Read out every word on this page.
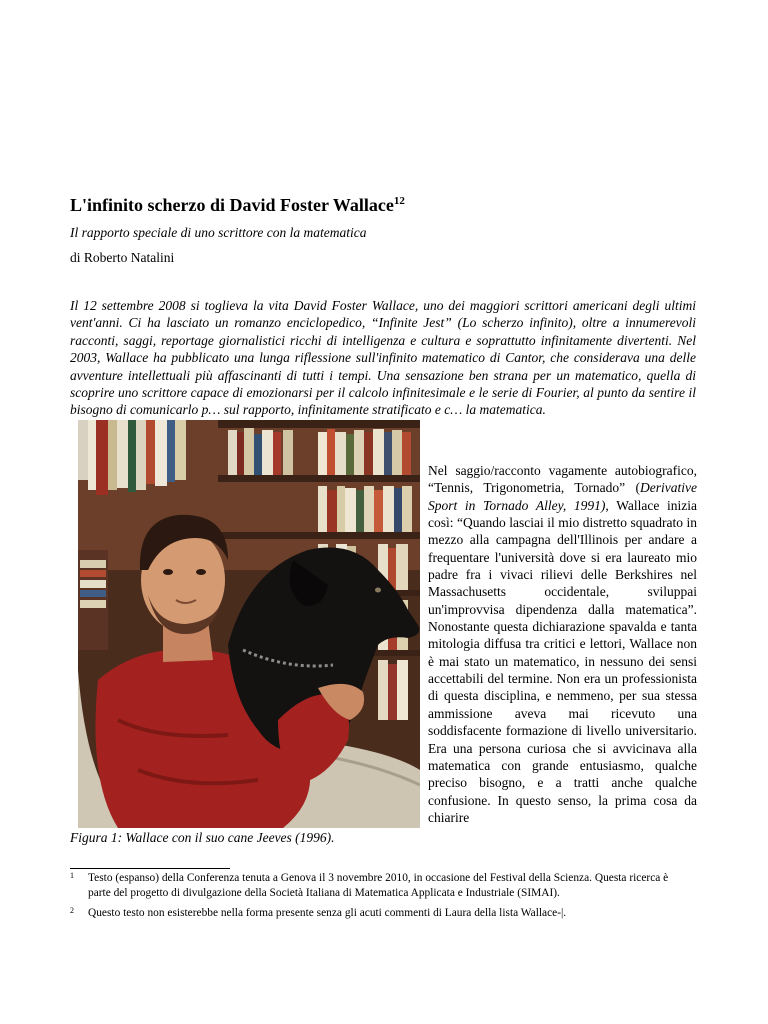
L'infinito scherzo di David Foster Wallace$^{12}$
Il rapporto speciale di uno scrittore con la matematica
di Roberto Natalini

Il 12 settembre 2008 si toglieva la vita David Foster Wallace, uno dei maggiori scrittori americani degli ultimi vent'anni. Ci ha lasciato un romanzo enciclopedico, “Infinite Jest” (Lo scherzo infinito), oltre a innumerevoli racconti, saggi, reportage giornalistici ricchi di intelligenza e cultura e soprattutto infinitamente divertenti. Nel 2003, Wallace ha pubblicato una lunga riflessione sull'infinito matematico di Cantor, che considerava una delle avventure intellettuali più affascinanti di tutti i tempi. Una sensazione ben strana per un matematico, quella di scoprire uno scrittore capace di emozionarsi per il calcolo infinitesimale e le serie di Fourier, al punto da sentire il bisogno di comunicarlo p… sul rapporto, infinitamente stratificato e c… la matematica.

Figura 1: Wallace con il suo cane Jeeves (1996).

Nel saggio/racconto vagamente autobiografico, “Tennis, Trigonometria, Tornado” (Derivative Sport in Tornado Alley, 1991), Wallace inizia così: “Quando lasciai il mio distretto squadrato in mezzo alla campagna dell'Illinois per andare a frequentare l'università dove si era laureato mio padre fra i vivaci rilievi delle Berkshires nel Massachusetts occidentale, sviluppai un'improvvisa dipendenza dalla matematica”. Nonostante questa dichiarazione spavalda e tanta mitologia diffusa tra critici e lettori, Wallace non è mai stato un matematico, in nessuno dei sensi accettabili del termine. Non era un professionista di questa disciplina, e nemmeno, per sua stessa ammissione aveva mai ricevuto una soddisfacente formazione di livello universitario. Era una persona curiosa che si avvicinava alla matematica con grande entusiasmo, qualche preciso bisogno, e a tratti anche qualche confusione. In questo senso, la prima cosa da chiarire

1 Testo (espanso) della Conferenza tenuta a Genova il 3 novembre 2010, in occasione del Festival della Scienza. Questa ricerca è parte del progetto di divulgazione della Società Italiana di Matematica Applicata e Industriale (SIMAI).
2 Questo testo non esisterebbe nella forma presente senza gli acuti commenti di Laura della lista Wallace-|.
